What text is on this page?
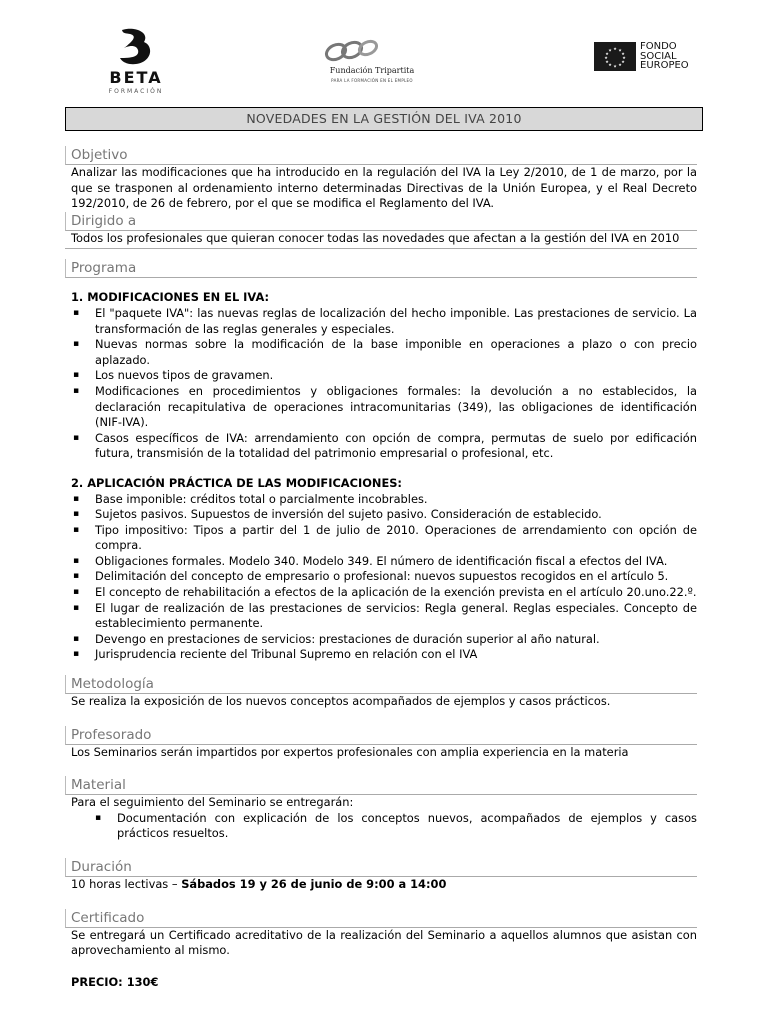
BETA
FORMACIÓN
Fundación Tripartita
PARA LA FORMACIÓN EN EL EMPLEO
★ ★
★
★
★
★
★
★
★
★
★
★	FONDO
SOCIAL
EUROPEO
NOVEDADES EN LA GESTIÓN DEL IVA 2010
Objetivo

Analizar las modificaciones que ha introducido en la regulación del IVA la Ley 2/2010, de 1 de marzo, por la que se trasponen al ordenamiento interno determinadas Directivas de la Unión Europea, y el Real Decreto 192/2010, de 26 de febrero, por el que se modifica el Reglamento del IVA.

Dirigido a

Todos los profesionales que quieran conocer todas las novedades que afectan a la gestión del IVA en 2010

Programa

1. MODIFICACIONES EN EL IVA:

▪ El "paquete IVA": las nuevas reglas de localización del hecho imponible. Las prestaciones de servicio. La transformación de las reglas generales y especiales.
▪ Nuevas normas sobre la modificación de la base imponible en operaciones a plazo o con precio aplazado.
▪ Los nuevos tipos de gravamen.
▪ Modificaciones en procedimientos y obligaciones formales: la devolución a no establecidos, la declaración recapitulativa de operaciones intracomunitarias (349), las obligaciones de identificación (NIF-IVA).
▪ Casos específicos de IVA: arrendamiento con opción de compra, permutas de suelo por edificación futura, transmisión de la totalidad del patrimonio empresarial o profesional, etc.

2. APLICACIÓN PRÁCTICA DE LAS MODIFICACIONES:

▪ Base imponible: créditos total o parcialmente incobrables.
▪ Sujetos pasivos. Supuestos de inversión del sujeto pasivo. Consideración de establecido.
▪ Tipo impositivo: Tipos a partir del 1 de julio de 2010. Operaciones de arrendamiento con opción de compra.
▪ Obligaciones formales. Modelo 340. Modelo 349. El número de identificación fiscal a efectos del IVA.
▪ Delimitación del concepto de empresario o profesional: nuevos supuestos recogidos en el artículo 5.
▪ El concepto de rehabilitación a efectos de la aplicación de la exención prevista en el artículo 20.uno.22.º.
▪ El lugar de realización de las prestaciones de servicios: Regla general. Reglas especiales. Concepto de establecimiento permanente.
▪ Devengo en prestaciones de servicios: prestaciones de duración superior al año natural.
▪ Jurisprudencia reciente del Tribunal Supremo en relación con el IVA
Metodología

Se realiza la exposición de los nuevos conceptos acompañados de ejemplos y casos prácticos.

Profesorado

Los Seminarios serán impartidos por expertos profesionales con amplia experiencia en la materia

Material

Para el seguimiento del Seminario se entregarán:

▪ Documentación con explicación de los conceptos nuevos, acompañados de ejemplos y casos prácticos resueltos.
Duración

10 horas lectivas – Sábados 19 y 26 de junio de 9:00 a 14:00

Certificado

Se entregará un Certificado acreditativo de la realización del Seminario a aquellos alumnos que asistan con aprovechamiento al mismo.

PRECIO: 130€
